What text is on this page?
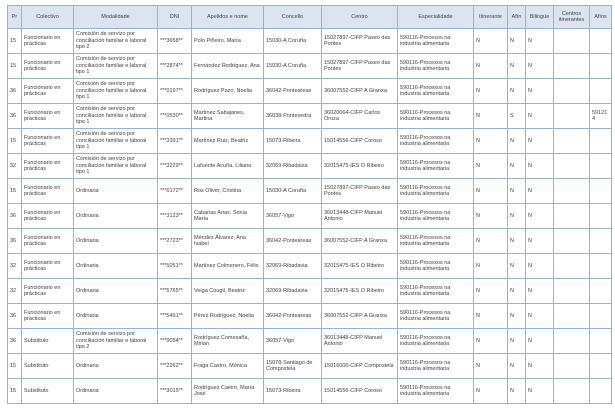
Pr	Colectivo	Modalidade	DNI	Apelidos e nome	Concello	Centro	Especialidade	Itinerante	Afín	Bilingüe	Centros itinerantes	Afíns
15	Funcionario en prácticas	Comisión de servizo por conciliación familiar e laboral tipo 2	***3658**	Polo Piñeiro, María	15030-A Coruña	15027897-CIFP Paseo das Pontes	590116-Procesos na industria alimentaria	N	N	N		
15	Funcionario en prácticas	Comisión de servizo por conciliación familiar e laboral tipo 1	***2874**	Fernández Rodríguez, Ana	15030-A Coruña	15027897-CIFP Paseo das Pontes	590116-Procesos na industria alimentaria	N	N	N		
36	Funcionario en prácticas	Comisión de servizo por conciliación familiar e laboral tipo 1	***0197**	Rodríguez Pazo, Noelia	36042-Ponteareas	36007552-CIFP A Granxa	590116-Procesos na industria alimentaria	N	N	N		
36	Funcionario en prácticas	Comisión de servizo por conciliación familiar e laboral tipo 1	***0530**	Martínez Sabajanes, Martina	36038-Pontevedra	36020064-CIFP Carlos Oroza	590116-Procesos na industria alimentaria	N	S	N		591214
15	Funcionario en prácticas	Comisión de servizo por conciliación familiar e laboral tipo 1	***3391**	Martínez Ruiz, Beatriz	15073-Ribeira	15014556-CIFP Coroso	590116-Procesos na industria alimentaria	N	N	N		
32	Funcionario en prácticas	Comisión de servizo por conciliación familiar e laboral tipo 1	***3229**	Lafuente Acuña, Liliana	32069-Ribadavia	32015475-IES O Ribeiro	590116-Procesos na industria alimentaria	N	N	N		
15	Funcionario en prácticas	Ordinaria	***6172**	Ros Oliver, Cristina	15030-A Coruña	15027897-CIFP Paseo das Pontes	590116-Procesos na industria alimentaria	N	N	N		
36	Funcionario en prácticas	Ordinaria	***3123**	Cabanas Arias, Sonia María	36057-Vigo	36013448-CIFP Manuel Antonio	590116-Procesos na industria alimentaria	N	N	N		
36	Funcionario en prácticas	Ordinaria	***2723**	Méndez Álvarez, Ana Isabel	36042-Ponteareas	36007552-CIFP A Granxa	590116-Procesos na industria alimentaria	N	N	N		
32	Funcionario en prácticas	Ordinaria	***5051**	Martínez Colmenero, Félix	32069-Ribadavia	32015475-IES O Ribeiro	590116-Procesos na industria alimentaria	N	N	N		
32	Funcionario en prácticas	Ordinaria	***5765**	Veiga Cougil, Beatriz	32069-Ribadavia	32015475-IES O Ribeiro	590116-Procesos na industria alimentaria	N	N	N		
36	Funcionario en prácticas	Ordinaria	***5491**	Pérez Rodríguez, Noelia	36042-Ponteareas	36007552-CIFP A Granxa	590116-Procesos na industria alimentaria	N	N	N		
36	Substituto	Comisión de servizo por conciliación familiar e laboral tipo 2	***9054**	Rodríguez Comesaña, Mirian	36057-Vigo	36013448-CIFP Manuel Antonio	590116-Procesos na industria alimentaria	N	N	N		
15	Substituto	Ordinaria	***2262**	Fraga Castro, Mónica	15078-Santiago de Compostela	15016000-CIFP Compostela	590116-Procesos na industria alimentaria	N	N	N		
15	Substituto	Ordinaria	***3015**	Rodríguez Caeiro, María José	15073-Ribeira	15014556-CIFP Coroso	590116-Procesos na industria alimentaria	N	N	N		
